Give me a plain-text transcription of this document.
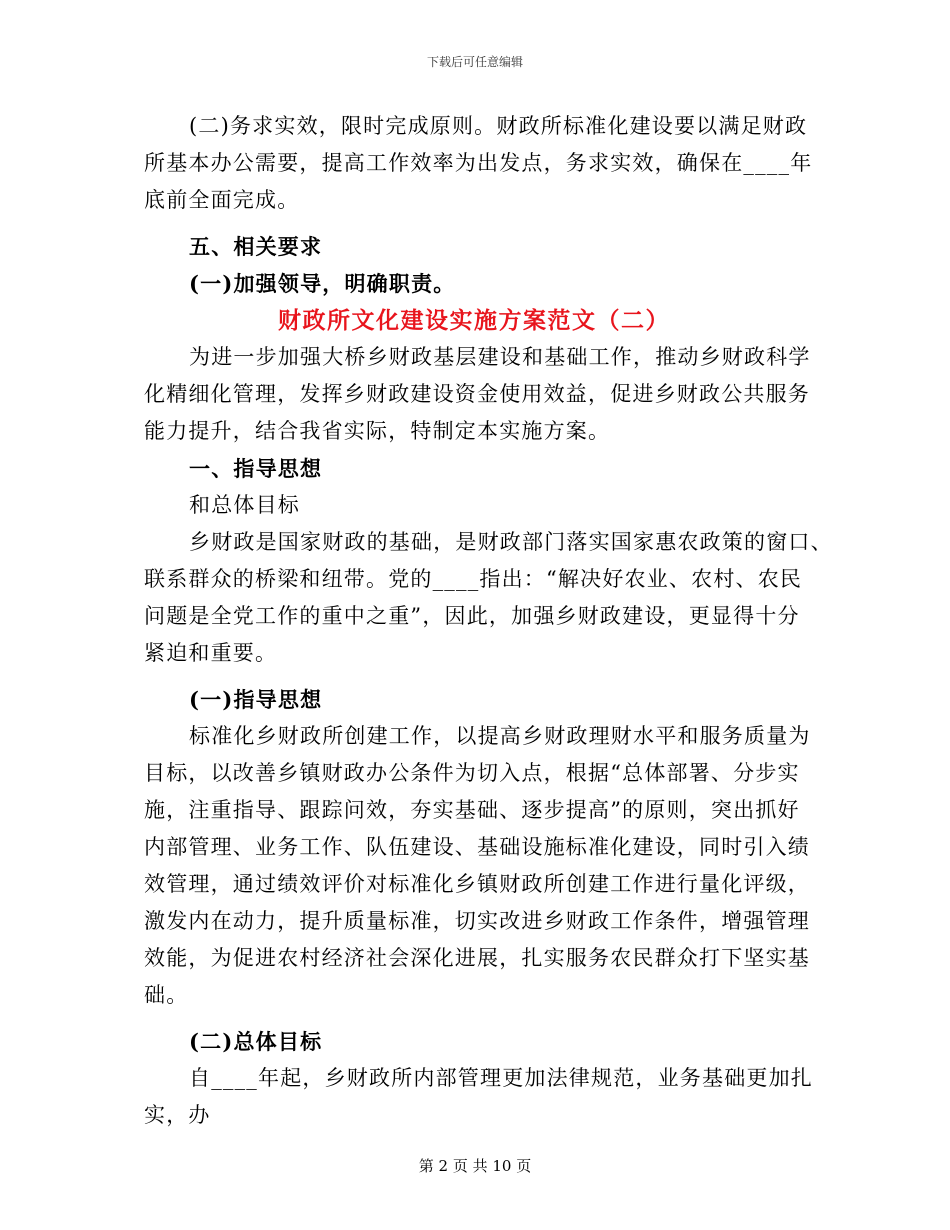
下载后可任意编辑
(二)务求实效，限时完成原则。财政所标准化建设要以满足财政
所基本办公需要，提高工作效率为出发点，务求实效，确保在____年
底前全面完成。
五、相关要求
(一)加强领导，明确职责。
财政所文化建设实施方案范文（二）
为进一步加强大桥乡财政基层建设和基础工作，推动乡财政科学
化精细化管理，发挥乡财政建设资金使用效益，促进乡财政公共服务
能力提升，结合我省实际，特制定本实施方案。
一、指导思想
和总体目标
乡财政是国家财政的基础，是财政部门落实国家惠农政策的窗口、
联系群众的桥梁和纽带。党的____指出：“解决好农业、农村、农民
问题是全党工作的重中之重”，因此，加强乡财政建设，更显得十分
紧迫和重要。
(一)指导思想
标准化乡财政所创建工作，以提高乡财政理财水平和服务质量为
目标，以改善乡镇财政办公条件为切入点，根据“总体部署、分步实
施，注重指导、跟踪问效，夯实基础、逐步提高”的原则，突出抓好
内部管理、业务工作、队伍建设、基础设施标准化建设，同时引入绩
效管理，通过绩效评价对标准化乡镇财政所创建工作进行量化评级，
激发内在动力，提升质量标准，切实改进乡财政工作条件，增强管理
效能，为促进农村经济社会深化进展，扎实服务农民群众打下坚实基
础。
(二)总体目标
自____年起，乡财政所内部管理更加法律规范，业务基础更加扎
实，办
第 2 页 共 10 页
